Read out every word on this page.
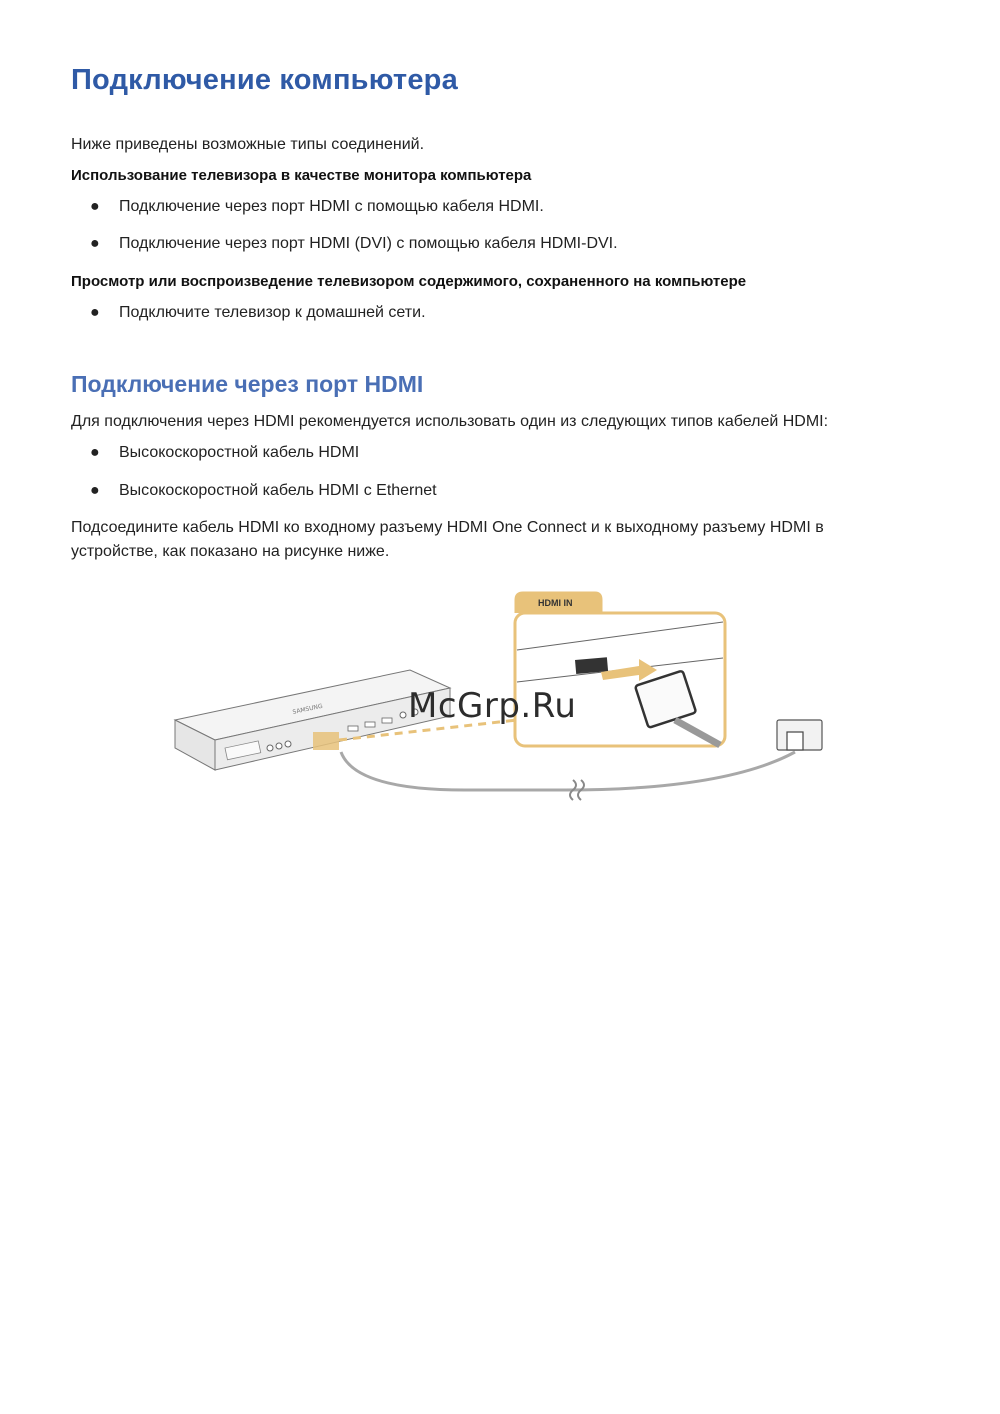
Подключение компьютера

Ниже приведены возможные типы соединений.

Использование телевизора в качестве монитора компьютера

● Подключение через порт HDMI с помощью кабеля HDMI.
● Подключение через порт HDMI (DVI) с помощью кабеля HDMI-DVI.

Просмотр или воспроизведение телевизором содержимого, сохраненного на компьютере

● Подключите телевизор к домашней сети.
Подключение через порт HDMI

Для подключения через HDMI рекомендуется использовать один из следующих типов кабелей HDMI:

● Высокоскоростной кабель HDMI
● Высокоскоростной кабель HDMI с Ethernet

Подсоедините кабель HDMI ко входному разъему HDMI One Connect и к выходному разъему HDMI в

устройстве, как показано на рисунке ниже.

SAMSUNG
HDMI IN
McGrp.Ru
